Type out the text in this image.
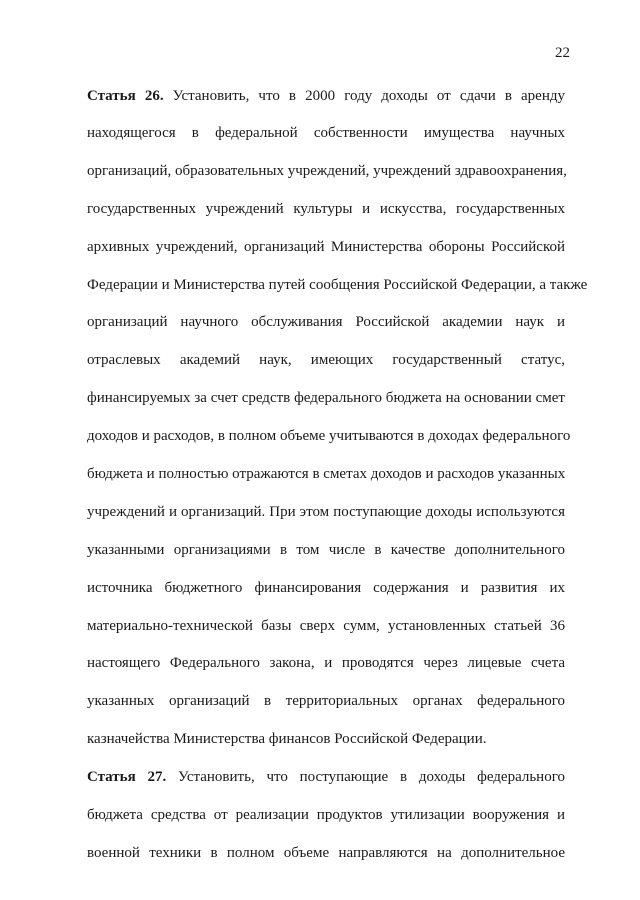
22
Статья 26. Установить, что в 2000 году доходы от сдачи в аренду
находящегося в федеральной собственности имущества научных
организаций, образовательных учреждений, учреждений здравоохранения,
государственных учреждений культуры и искусства, государственных
архивных учреждений, организаций Министерства обороны Российской
Федерации и Министерства путей сообщения Российской Федерации, а также
организаций научного обслуживания Российской академии наук и
отраслевых академий наук, имеющих государственный статус,
финансируемых за счет средств федерального бюджета на основании смет
доходов и расходов, в полном объеме учитываются в доходах федерального
бюджета и полностью отражаются в сметах доходов и расходов указанных
учреждений и организаций. При этом поступающие доходы используются
указанными организациями в том числе в качестве дополнительного
источника бюджетного финансирования содержания и развития их
материально-технической базы сверх сумм, установленных статьей 36
настоящего Федерального закона, и проводятся через лицевые счета
указанных организаций в территориальных органах федерального
казначейства Министерства финансов Российской Федерации.
Статья 27. Установить, что поступающие в доходы федерального
бюджета средства от реализации продуктов утилизации вооружения и
военной техники в полном объеме направляются на дополнительное
